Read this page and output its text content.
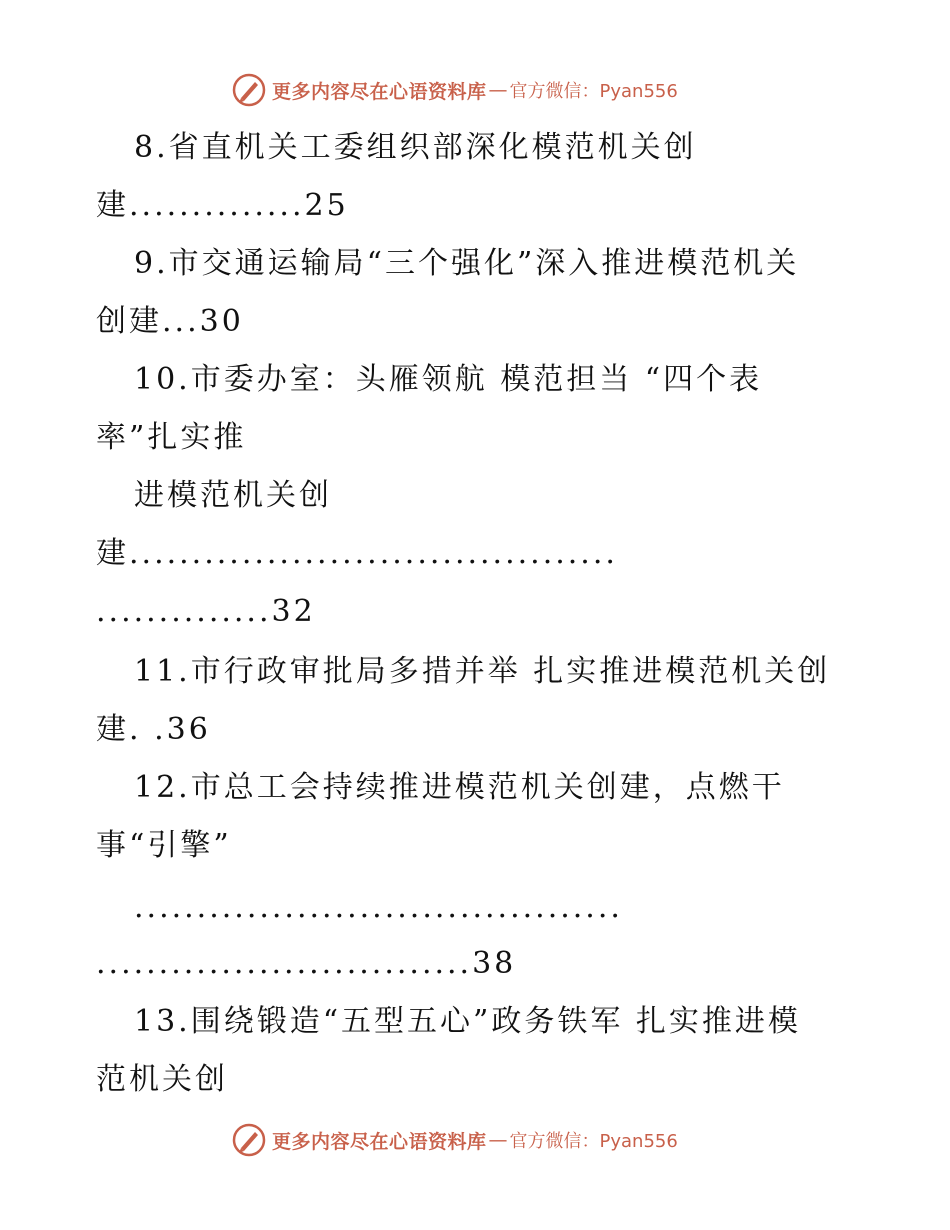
更多内容尽在心语资料库 — 官方微信：Pyan556
8.省直机关工委组织部深化模范机关创
建..............25
9.市交通运输局“三个强化”深入推进模范机关
创建...30
10.市委办室：头雁领航 模范担当 “四个表
率”扎实推
进模范机关创
建.......................................
..............32
11.市行政审批局多措并举 扎实推进模范机关创
建. .36
12.市总工会持续推进模范机关创建，点燃干
事“引擎”
.......................................
..............................38
13.围绕锻造“五型五心”政务铁军 扎实推进模
范机关创
更多内容尽在心语资料库 — 官方微信：Pyan556
